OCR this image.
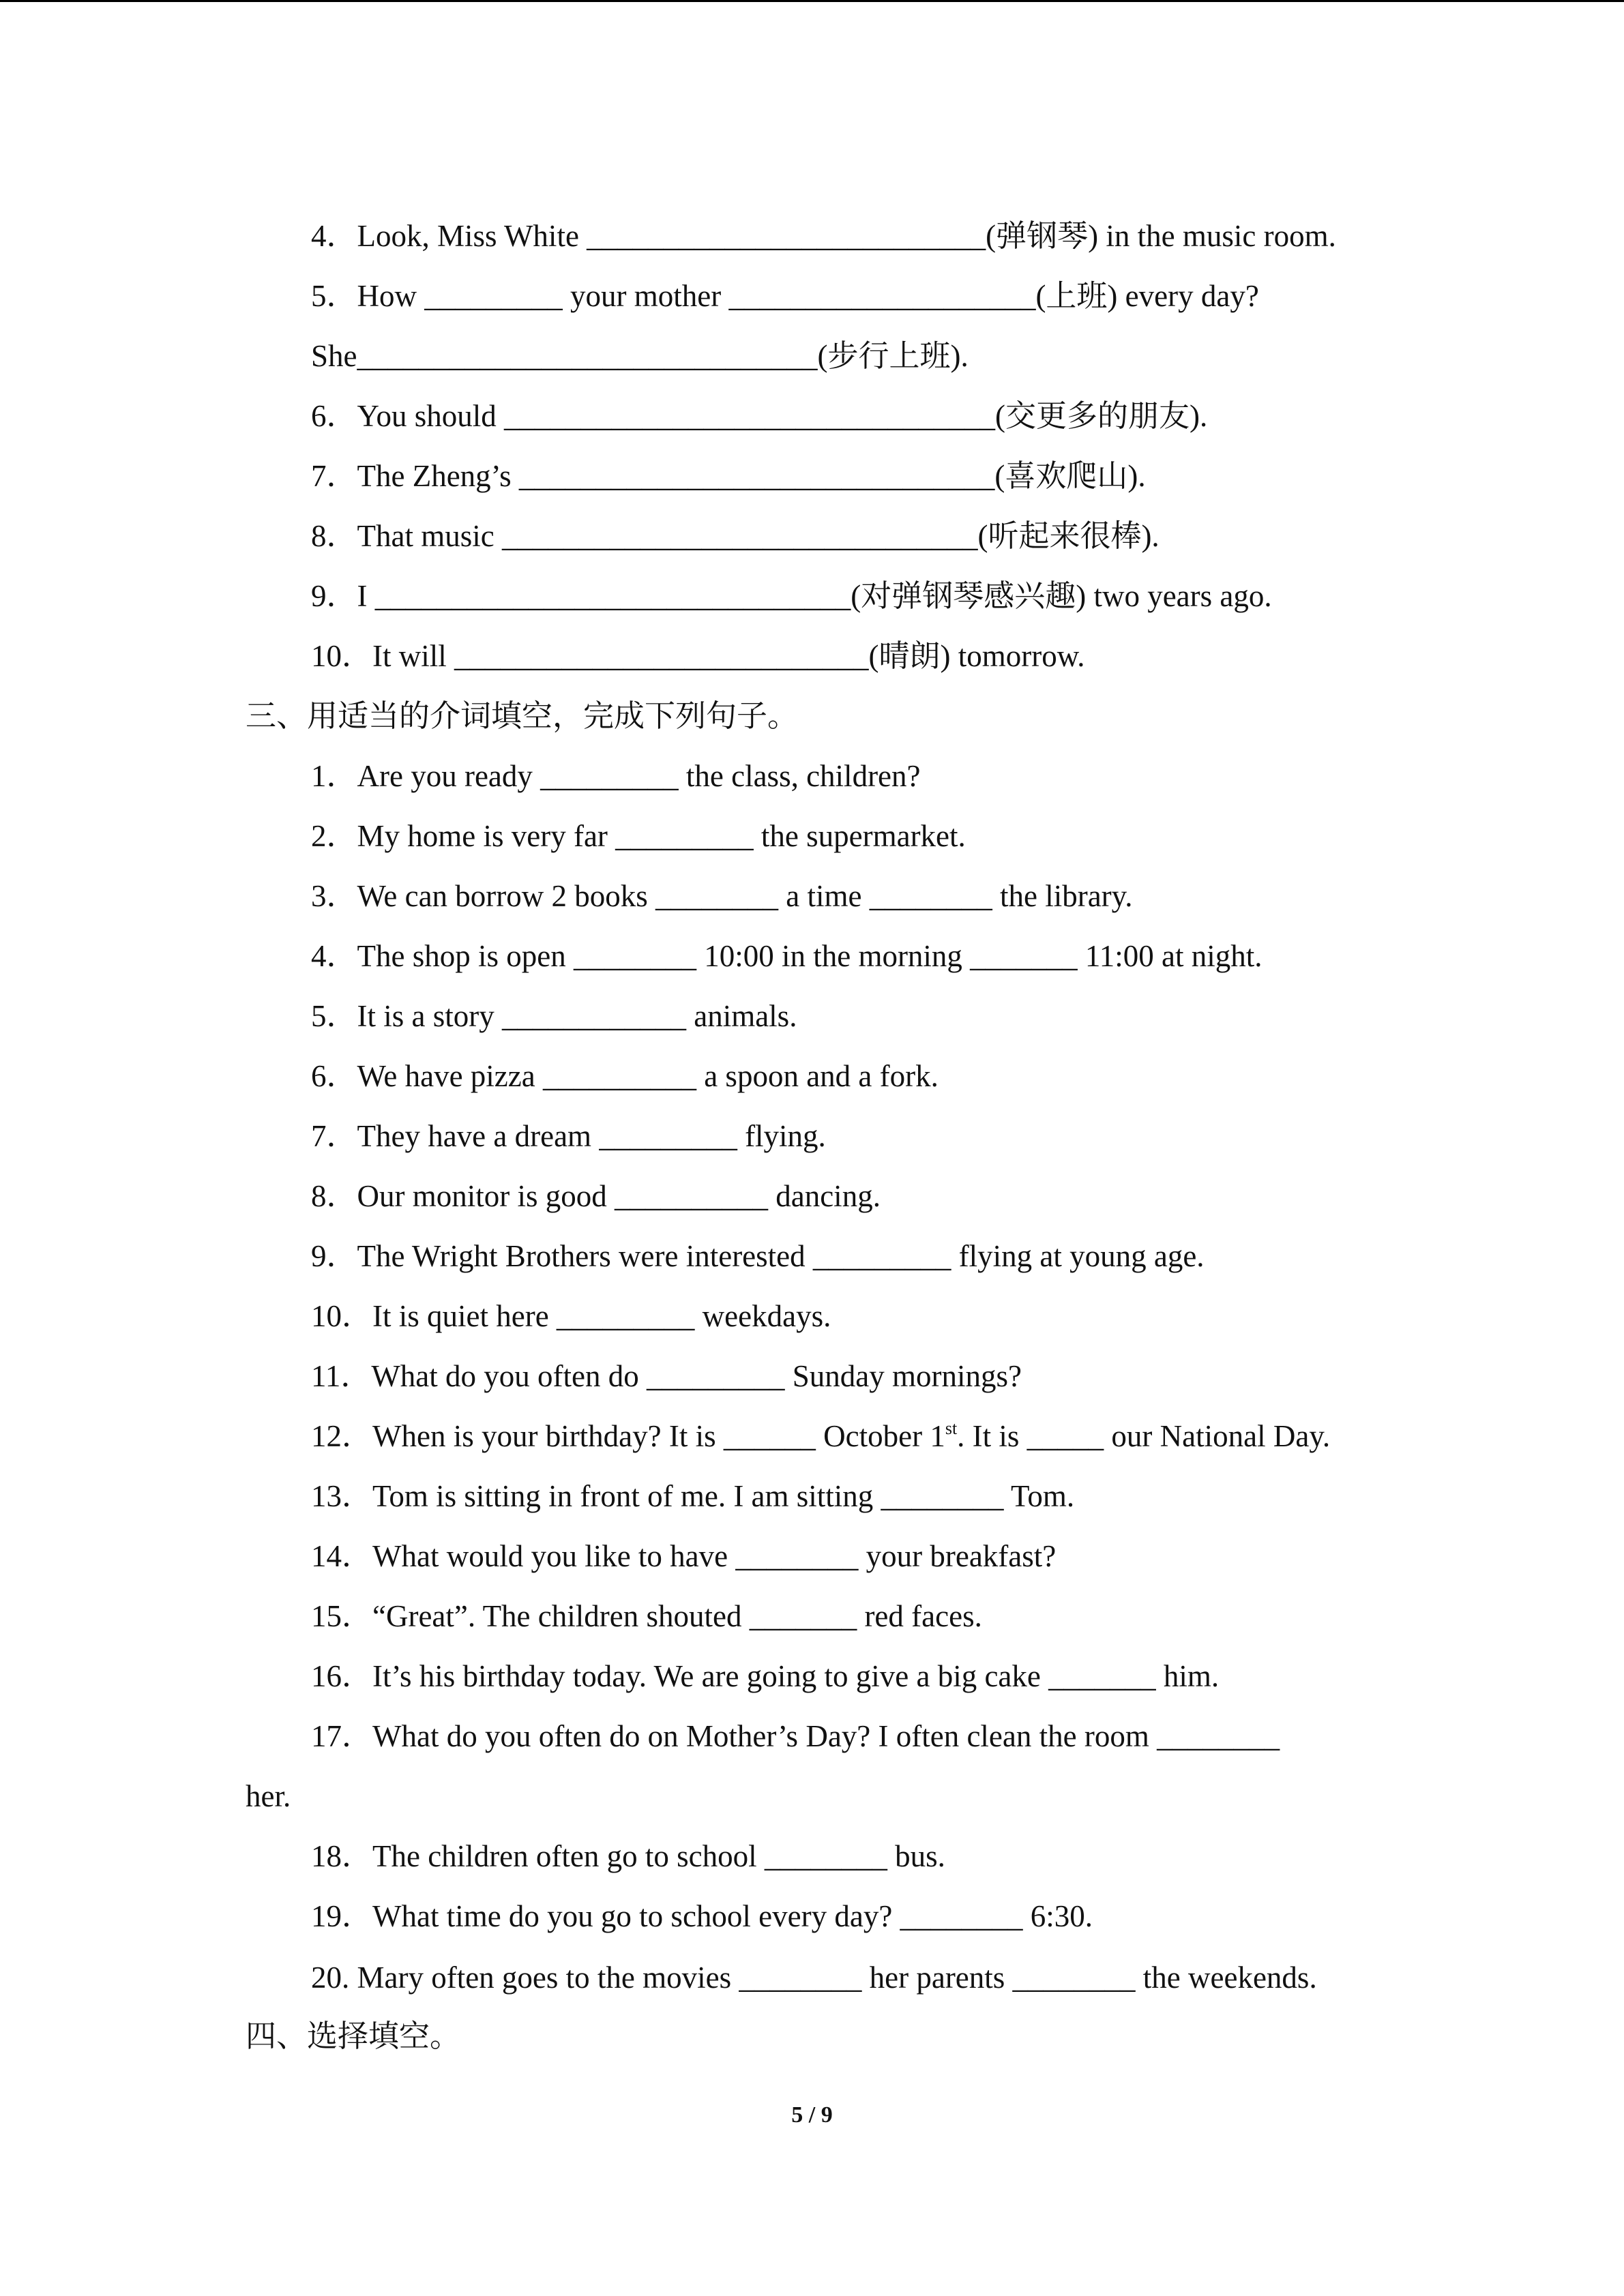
4．Look, Miss White __________________________(弹钢琴) in the music room.
5．How _________ your mother ____________________(上班) every day?
She______________________________(步行上班).
6．You should ________________________________(交更多的朋友).
7．The Zheng’s _______________________________(喜欢爬山).
8．That music _______________________________(听起来很棒).
9．I _______________________________(对弹钢琴感兴趣) two years ago.
10．It will ___________________________(晴朗) tomorrow.
三、用适当的介词填空，完成下列句子。
1．Are you ready _________ the class, children?
2．My home is very far _________ the supermarket.
3．We can borrow 2 books ________ a time ________ the library.
4．The shop is open ________ 10:00 in the morning _______ 11:00 at night.
5．It is a story ____________ animals.
6．We have pizza __________ a spoon and a fork.
7．They have a dream _________ flying.
8．Our monitor is good __________ dancing.
9．The Wright Brothers were interested _________ flying at young age.
10．It is quiet here _________ weekdays.
11．What do you often do _________ Sunday mornings?
12．When is your birthday? It is ______ October 1st. It is _____ our National Day.
13．Tom is sitting in front of me. I am sitting ________ Tom.
14．What would you like to have ________ your breakfast?
15．“Great”. The children shouted _______ red faces.
16．It’s his birthday today. We are going to give a big cake _______ him.
17．What do you often do on Mother’s Day? I often clean the room ________
her.
18．The children often go to school ________ bus.
19．What time do you go to school every day? ________ 6:30.
20. Mary often goes to the movies ________ her parents ________ the weekends.
四、选择填空。
5 / 9
